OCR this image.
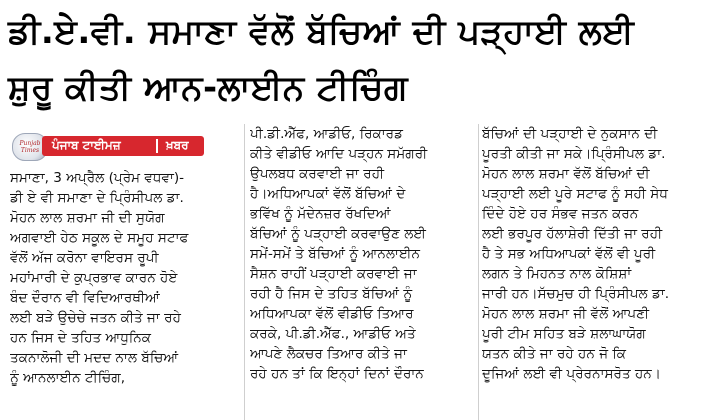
ਡੀ.ਏ.ਵੀ. ਸਮਾਣਾ ਵੱਲੋਂ ਬੱਚਿਆਂ ਦੀ ਪੜ੍ਹਾਈ ਲਈ
ਸ਼ੁਰੂ ਕੀਤੀ ਆਨ-ਲਾਈਨ ਟੀਚਿੰਗ
Punjab Times	ਪੰਜਾਬ ਟਾਈਮਜ਼	ਖ਼ਬਰ
ਸਮਾਣਾ, 3 ਅਪ੍ਰੈਲ (ਪ੍ਰੇਮ ਵਧਵਾ)-
ਡੀ ਏ ਵੀ ਸਮਾਣਾ ਦੇ ਪ੍ਰਿੰਸੀਪਲ ਡਾ.
ਮੋਹਨ ਲਾਲ ਸ਼ਰਮਾ ਜੀ ਦੀ ਸੁਯੋਗ
ਅਗਵਾਈ ਹੇਠ ਸਕੂਲ ਦੇ ਸਮੂਹ ਸਟਾਫ
ਵੱਲੋਂ ਅੱਜ ਕਰੋਨਾ ਵਾਇਰਸ ਰੂਪੀ
ਮਹਾਂਮਾਰੀ ਦੇ ਕੁਪ੍ਰਭਾਵ ਕਾਰਨ ਹੋਏ
ਬੰਦ ਦੌਰਾਨ ਵੀ ਵਿਦਿਆਰਥੀਆਂ
ਲਈ ਬੜੇ ਉਚੇਚੇ ਜਤਨ ਕੀਤੇ ਜਾ ਰਹੇ
ਹਨ ਜਿਸ ਦੇ ਤਹਿਤ ਆਧੁਨਿਕ
ਤਕਨਾਲੋਜੀ ਦੀ ਮਦਦ ਨਾਲ ਬੱਚਿਆਂ
ਨੂੰ ਆਨਲਾਈਨ ਟੀਚਿੰਗ,
ਪੀ.ਡੀ.ਐੱਫ, ਆਡੀਓ, ਰਿਕਾਰਡ
ਕੀਤੇ ਵੀਡੀਓ ਆਦਿ ਪੜ੍ਹਨ ਸਮੱਗਰੀ
ਉਪਲਬਧ ਕਰਵਾਈ ਜਾ ਰਹੀ
ਹੈ।ਅਧਿਆਪਕਾਂ ਵੱਲੋਂ ਬੱਚਿਆਂ ਦੇ
ਭਵਿੱਖ ਨੂੰ ਮੱਦੇਨਜ਼ਰ ਰੱਖਦਿਆਂ
ਬੱਚਿਆਂ ਨੂੰ ਪੜ੍ਹਾਈ ਕਰਵਾਉਣ ਲਈ
ਸਮੇਂ-ਸਮੇਂ ਤੇ ਬੱਚਿਆਂ ਨੂੰ ਆਨਲਾਈਨ
ਸੈਸ਼ਨ ਰਾਹੀਂ ਪੜ੍ਹਾਈ ਕਰਵਾਈ ਜਾ
ਰਹੀ ਹੈ ਜਿਸ ਦੇ ਤਹਿਤ ਬੱਚਿਆਂ ਨੂੰ
ਅਧਿਆਪਕਾ ਵੱਲੋਂ ਵੀਡੀਓ ਤਿਆਰ
ਕਰਕੇ, ਪੀ.ਡੀ.ਐੱਫ., ਆਡੀਓ ਅਤੇ
ਆਪਣੇ ਲੈਕਚਰ ਤਿਆਰ ਕੀਤੇ ਜਾ
ਰਹੇ ਹਨ ਤਾਂ ਕਿ ਇਨ੍ਹਾਂ ਦਿਨਾਂ ਦੌਰਾਨ
ਬੱਚਿਆਂ ਦੀ ਪੜ੍ਹਾਈ ਦੇ ਨੁਕਸਾਨ ਦੀ
ਪੂਰਤੀ ਕੀਤੀ ਜਾ ਸਕੇ।ਪ੍ਰਿੰਸੀਪਲ ਡਾ.
ਮੋਹਨ ਲਾਲ ਸ਼ਰਮਾ ਵੱਲੋਂ ਬੱਚਿਆਂ ਦੀ
ਪੜ੍ਹਾਈ ਲਈ ਪੂਰੇ ਸਟਾਫ ਨੂੰ ਸਹੀ ਸੇਧ
ਦਿੰਦੇ ਹੋਏ ਹਰ ਸੰਭਵ ਜਤਨ ਕਰਨ
ਲਈ ਭਰਪੂਰ ਹੱਲਾਸ਼ੇਰੀ ਦਿੱਤੀ ਜਾ ਰਹੀ
ਹੈ ਤੇ ਸਭ ਅਧਿਆਪਕਾਂ ਵੱਲੋਂ ਵੀ ਪੂਰੀ
ਲਗਨ ਤੇ ਮਿਹਨਤ ਨਾਲ ਕੋਸ਼ਿਸ਼ਾਂ
ਜਾਰੀ ਹਨ।ਸੱਚਮੁਚ ਹੀ ਪ੍ਰਿੰਸੀਪਲ ਡਾ.
ਮੋਹਨ ਲਾਲ ਸ਼ਰਮਾ ਜੀ ਵੱਲੋਂ ਆਪਣੀ
ਪੂਰੀ ਟੀਮ ਸਹਿਤ ਬੜੇ ਸ਼ਲਾਘਾਯੋਗ
ਯਤਨ ਕੀਤੇ ਜਾ ਰਹੇ ਹਨ ਜੋ ਕਿ
ਦੂਜਿਆਂ ਲਈ ਵੀ ਪ੍ਰੇਰਨਾਸਰੋਤ ਹਨ।
